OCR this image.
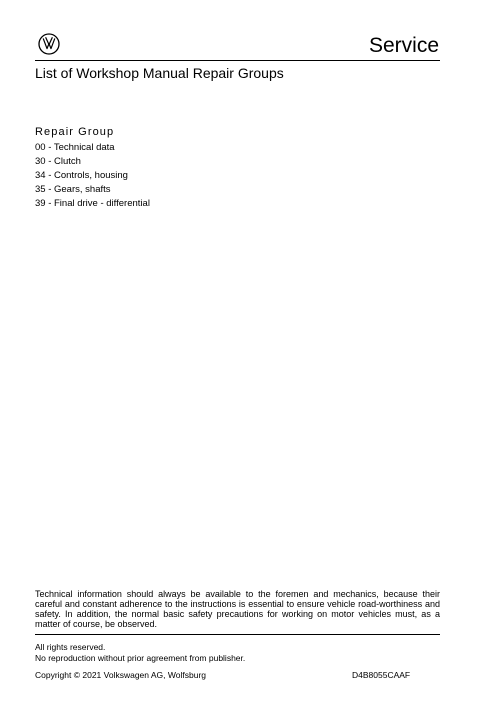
Service
List of Workshop Manual Repair Groups
Repair Group
00 - Technical data
30 - Clutch
34 - Controls, housing
35 - Gears, shafts
39 - Final drive - differential

Technical information should always be available to the foremen and mechanics, because their careful and constant adherence to the instructions is essential to ensure vehicle road-worthiness and safety. In addition, the normal basic safety precautions for working on motor vehicles must, as a matter of course, be observed.

All rights reserved.
No reproduction without prior agreement from publisher.
Copyright © 2021 Volkswagen AG, Wolfsburg	D4B8055CAAF
